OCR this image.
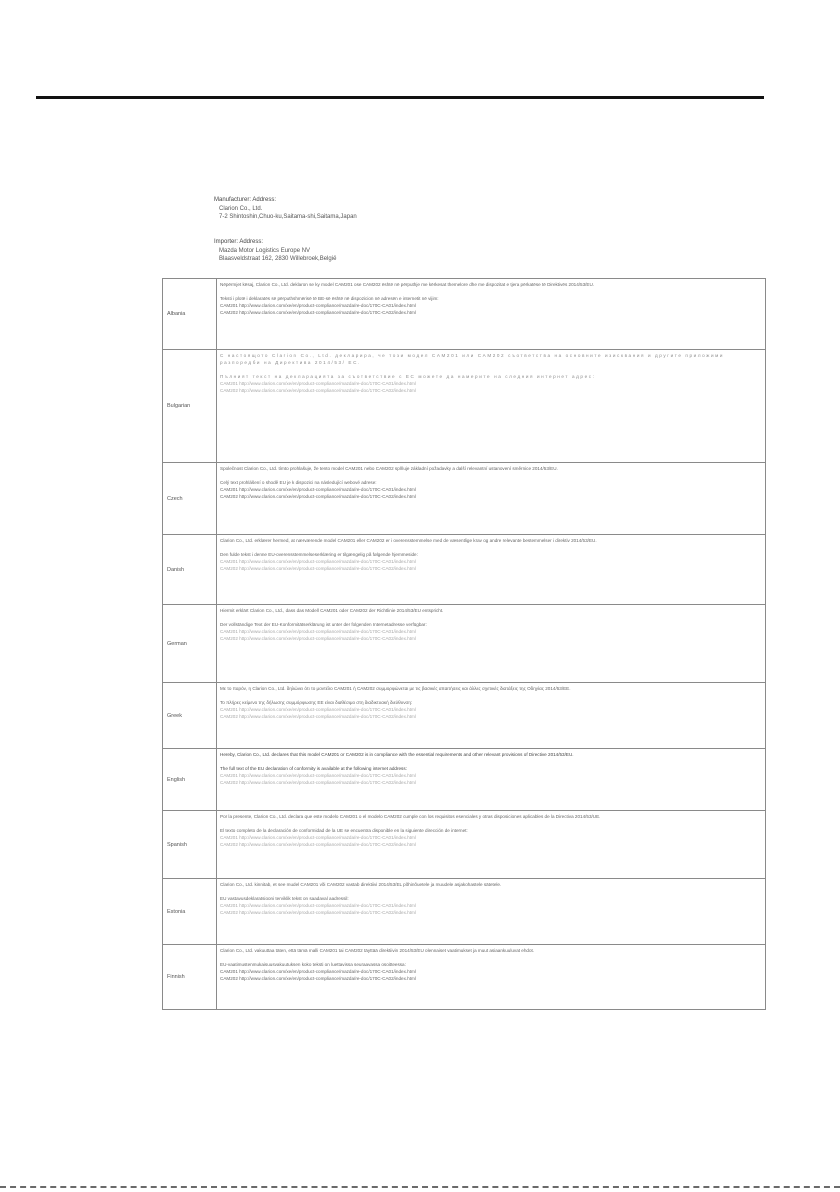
Manufacturer: Address:
Clarion Co., Ltd.
7-2 Shintoshin,Chuo-ku,Saitama-shi,Saitama,Japan
Importer: Address:
Mazda Motor Logistics Europe NV
Blaasveldstraat 162, 2830 Willebroek,België
Albania	Nëpërmjet kësaj, Clarion Co., Ltd. deklaron se ky model CAM201 ose CAM202 është në përputhje me kërkesat themelore dhe me dispozitat e tjera përkatëse të Direktivës 2014/53/EU.
Teksti i plotë i deklaratës së përputhshmërisë të BE-së është në dispozicion në adresën e internetit në vijim:
CAM201 http://www.clarion.com/xe/en/product-compliance/mazda/re-doc/170C-CA01/index.html
CAM202 http://www.clarion.com/xe/en/product-compliance/mazda/re-doc/170C-CA02/index.html

Bulgarian	С настоящото Clarion Co., Ltd. декларира, че този модел CAM201 или CAM202 съответства на основните изисквания и другите приложими разпоредби на Директива 2014/53/ ЕС.
Пълният текст на декларацията за съответствие с ЕС можете да намерите на следния интернет адрес:
CAM201 http://www.clarion.com/xe/en/product-compliance/mazda/re-doc/170C-CA01/index.html
CAM202 http://www.clarion.com/xe/en/product-compliance/mazda/re-doc/170C-CA02/index.html

Czech	Společnost Clarion Co., Ltd. tímto prohlašuje, že tento model CAM201 nebo CAM202 splňuje základní požadavky a další relevantní ustanovení směrnice 2014/53/EU.
Celý text prohlášení o shodě EU je k dispozici na následující webové adrese:
CAM201 http://www.clarion.com/xe/en/product-compliance/mazda/re-doc/170C-CA01/index.html
CAM202 http://www.clarion.com/xe/en/product-compliance/mazda/re-doc/170C-CA02/index.html

Danish	Clarion Co., Ltd. erklærer hermed, at nærværende model CAM201 eller CAM202 er i overensstemmelse med de væsentlige krav og andre relevante bestemmelser i direktiv 2014/53/EU.
Den fulde tekst i denne EU-overensstemmelseserklæring er tilgængelig på følgende hjemmeside:
CAM201 http://www.clarion.com/xe/en/product-compliance/mazda/re-doc/170C-CA01/index.html
CAM202 http://www.clarion.com/xe/en/product-compliance/mazda/re-doc/170C-CA02/index.html

German	Hiermit erklärt Clarion Co., Ltd., dass das Modell CAM201 oder CAM202 der Richtlinie 2014/53/EU entspricht.
Der vollständige Text der EU-Konformitätserklärung ist unter der folgenden Internetadresse verfügbar:
CAM201 http://www.clarion.com/xe/en/product-compliance/mazda/re-doc/170C-CA01/index.html
CAM202 http://www.clarion.com/xe/en/product-compliance/mazda/re-doc/170C-CA02/index.html

Greek	Με το παρόν, η Clarion Co., Ltd. δηλώνει ότι το μοντέλο CAM201 ή CAM202 συμμορφώνεται με τις βασικές απαιτήσεις και άλλες σχετικές διατάξεις της Οδηγίας 2014/53/ΕΕ.
Το πλήρες κείμενο της δήλωσης συμμόρφωσης ΕΕ είναι διαθέσιμο στη διαδικτυακή διεύθυνση:
CAM201 http://www.clarion.com/xe/en/product-compliance/mazda/re-doc/170C-CA01/index.html
CAM202 http://www.clarion.com/xe/en/product-compliance/mazda/re-doc/170C-CA02/index.html

English	Hereby, Clarion Co., Ltd. declares that this model CAM201 or CAM202 is in compliance with the essential requirements and other relevant provisions of Directive 2014/53/EU.
The full text of the EU declaration of conformity is available at the following internet address:
CAM201 http://www.clarion.com/xe/en/product-compliance/mazda/re-doc/170C-CA01/index.html
CAM202 http://www.clarion.com/xe/en/product-compliance/mazda/re-doc/170C-CA02/index.html

Spanish	Por la presente, Clarion Co., Ltd. declara que este modelo CAM201 o el modelo CAM202 cumple con los requisitos esenciales y otras disposiciones aplicables de la Directiva 2014/53/UE.
El texto completo de la declaración de conformidad de la UE se encuentra disponible en la siguiente dirección de internet:
CAM201 http://www.clarion.com/xe/en/product-compliance/mazda/re-doc/170C-CA01/index.html
CAM202 http://www.clarion.com/xe/en/product-compliance/mazda/re-doc/170C-CA02/index.html

Estonia	Clarion Co., Ltd. kinnitab, et see mudel CAM201 või CAM202 vastab direktiivi 2014/53/EL põhinõuetele ja muudele asjakohastele sätetele.
EU vastavusdeklaratsiooni terviklik tekst on saadaval aadressil:
CAM201 http://www.clarion.com/xe/en/product-compliance/mazda/re-doc/170C-CA01/index.html
CAM202 http://www.clarion.com/xe/en/product-compliance/mazda/re-doc/170C-CA02/index.html

Finnish	Clarion Co., Ltd. vakuuttaa täten, että tämä malli CAM201 tai CAM202 täyttää direktiivin 2014/53/EU olennaiset vaatimukset ja muut asiaankuuluvat ehdot.
EU-vaatimustenmukaisuusvakuutuksen koko teksti on luettavissa seuraavassa osoitteessa:
CAM201 http://www.clarion.com/xe/en/product-compliance/mazda/re-doc/170C-CA01/index.html
CAM202 http://www.clarion.com/xe/en/product-compliance/mazda/re-doc/170C-CA02/index.html
